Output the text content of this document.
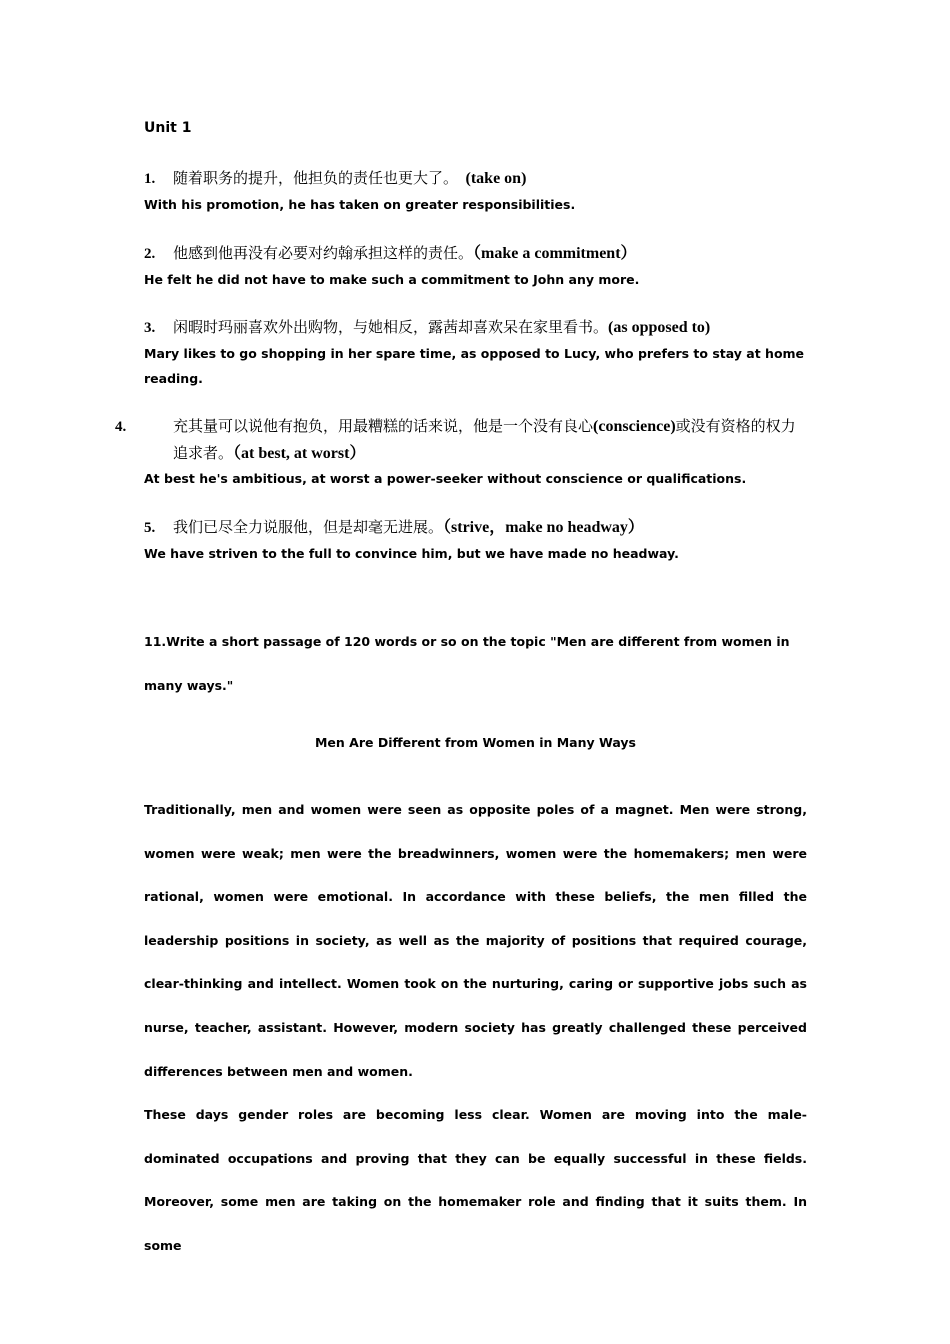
Unit 1
1. 随着职务的提升，他担负的责任也更大了。 (take on)
With his promotion, he has taken on greater responsibilities.
2. 他感到他再没有必要对约翰承担这样的责任。（make a commitment）
He felt he did not have to make such a commitment to John any more.
3. 闲暇时玛丽喜欢外出购物，与她相反，露茜却喜欢呆在家里看书。(as opposed to)
Mary likes to go shopping in her spare time, as opposed to Lucy, who prefers to stay at home reading.
4.	充其量可以说他有抱负，用最糟糕的话来说，他是一个没有良心(conscience)或没有资格的权力追求者。（at best, at worst）
At best he's ambitious, at worst a power-seeker without conscience or qualifications.
5. 我们已尽全力说服他，但是却毫无进展。（strive，make no headway）
We have striven to the full to convince him, but we have made no headway.
11.Write a short passage of 120 words or so on the topic "Men are different from women in many ways."
Men Are Different from Women in Many Ways

Traditionally, men and women were seen as opposite poles of a magnet. Men were strong, women were weak; men were the breadwinners, women were the homemakers; men were rational, women were emotional. In accordance with these beliefs, the men filled the leadership positions in society, as well as the majority of positions that required courage, clear-thinking and intellect. Women took on the nurturing, caring or supportive jobs such as nurse, teacher, assistant. However, modern society has greatly challenged these perceived differences between men and women.

These days gender roles are becoming less clear. Women are moving into the male-dominated occupations and proving that they can be equally successful in these fields. Moreover, some men are taking on the homemaker role and finding that it suits them. In some
